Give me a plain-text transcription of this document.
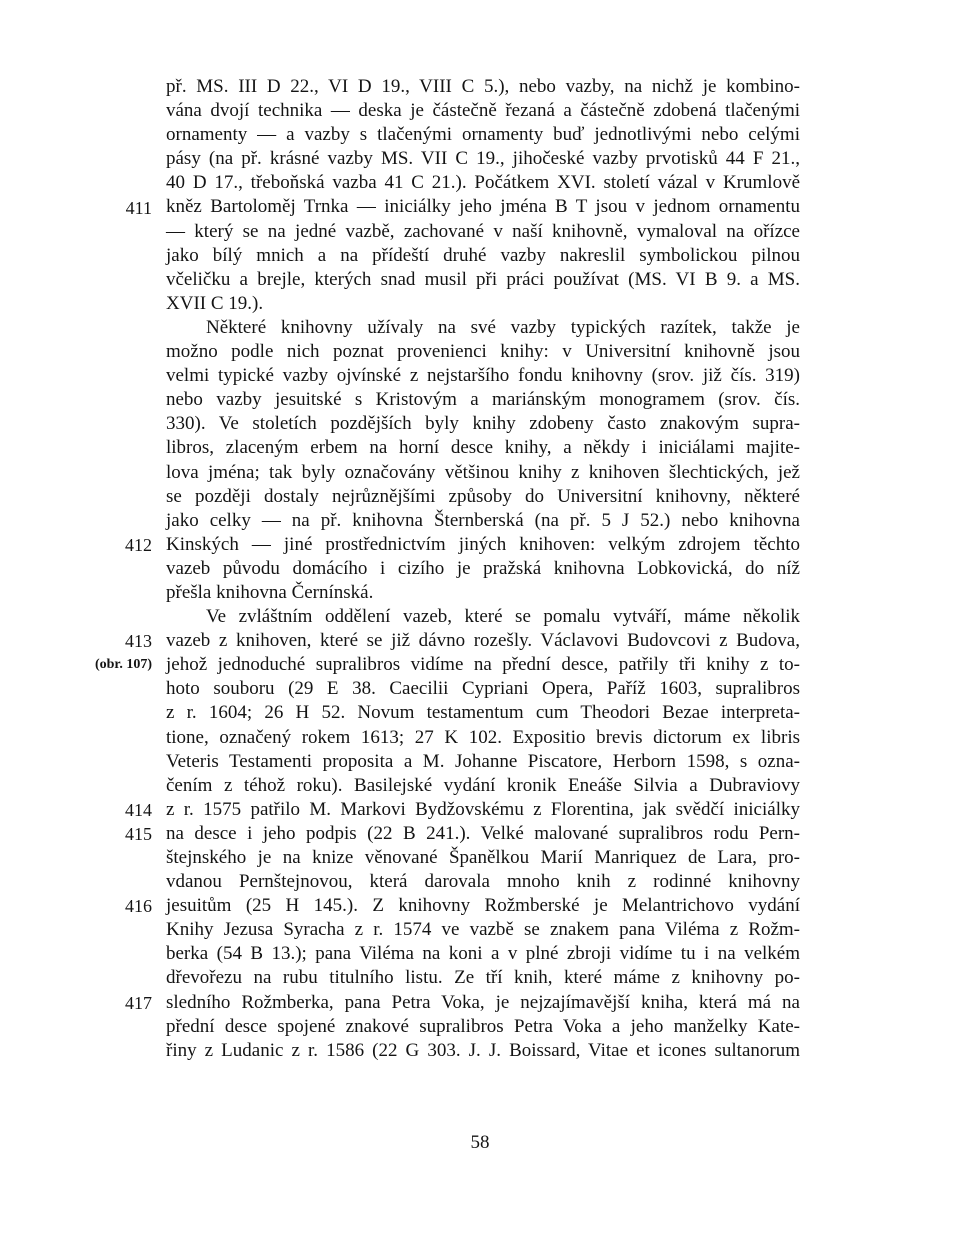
př. MS. III D 22., VI D 19., VIII C 5.), nebo vazby, na nichž je kombino-
vána dvojí technika — deska je částečně řezaná a částečně zdobená tlačenými
ornamenty — a vazby s tlačenými ornamenty buď jednotlivými nebo celými
pásy (na př. krásné vazby MS. VII C 19., jihočeské vazby prvotisků 44 F 21.,
40 D 17., třeboňská vazba 41 C 21.). Počátkem XVI. století vázal v Krumlově
kněz Bartoloměj Trnka — iniciálky jeho jména B T jsou v jednom ornamentu
411
— který se na jedné vazbě, zachované v naší knihovně, vymaloval na ořízce
jako bílý mnich a na přídeští druhé vazby nakreslil symbolickou pilnou
včeličku a brejle, kterých snad musil při práci používat (MS. VI B 9. a MS.
XVII C 19.).
Některé knihovny užívaly na své vazby typických razítek, takže je
možno podle nich poznat provenienci knihy: v Universitní knihovně jsou
velmi typické vazby ojvínské z nejstaršího fondu knihovny (srov. již čís. 319)
nebo vazby jesuitské s Kristovým a mariánským monogramem (srov. čís.
330). Ve stoletích pozdějších byly knihy zdobeny často znakovým supra-
libros, zlaceným erbem na horní desce knihy, a někdy i iniciálami majite-
lova jména; tak byly označovány většinou knihy z knihoven šlechtických, jež
se později dostaly nejrůznějšími způsoby do Universitní knihovny, některé
jako celky — na př. knihovna Šternberská (na př. 5 J 52.) nebo knihovna
Kinských — jiné prostřednictvím jiných knihoven: velkým zdrojem těchto
412
vazeb původu domácího i cizího je pražská knihovna Lobkovická, do níž
přešla knihovna Černínská.
Ve zvláštním oddělení vazeb, které se pomalu vytváří, máme několik
vazeb z knihoven, které se již dávno rozešly. Václavovi Budovcovi z Budova,
413
jehož jednoduché supralibros vidíme na přední desce, patřily tři knihy z to-
(obr. 107)
hoto souboru (29 E 38. Caecilii Cypriani Opera, Paříž 1603, supralibros
z r. 1604; 26 H 52. Novum testamentum cum Theodori Bezae interpreta-
tione, označený rokem 1613; 27 K 102. Expositio brevis dictorum ex libris
Veteris Testamenti proposita a M. Johanne Piscatore, Herborn 1598, s ozna-
čením z téhož roku). Basilejské vydání kronik Eneáše Silvia a Dubraviovy
z r. 1575 patřilo M. Markovi Bydžovskému z Florentina, jak svědčí iniciálky
414
na desce i jeho podpis (22 B 241.). Velké malované supralibros rodu Pern-
415
štejnského je na knize věnované Španělkou Marií Manriquez de Lara, pro-
vdanou Pernštejnovou, která darovala mnoho knih z rodinné knihovny
jesuitům (25 H 145.). Z knihovny Rožmberské je Melantrichovo vydání
416
Knihy Jezusa Syracha z r. 1574 ve vazbě se znakem pana Viléma z Rožm-
berka (54 B 13.); pana Viléma na koni a v plné zbroji vidíme tu i na velkém
dřevořezu na rubu titulního listu. Ze tří knih, které máme z knihovny po-
sledního Rožmberka, pana Petra Voka, je nejzajímavější kniha, která má na
417
přední desce spojené znakové supralibros Petra Voka a jeho manželky Kate-
řiny z Ludanic z r. 1586 (22 G 303. J. J. Boissard, Vitae et icones sultanorum
58
